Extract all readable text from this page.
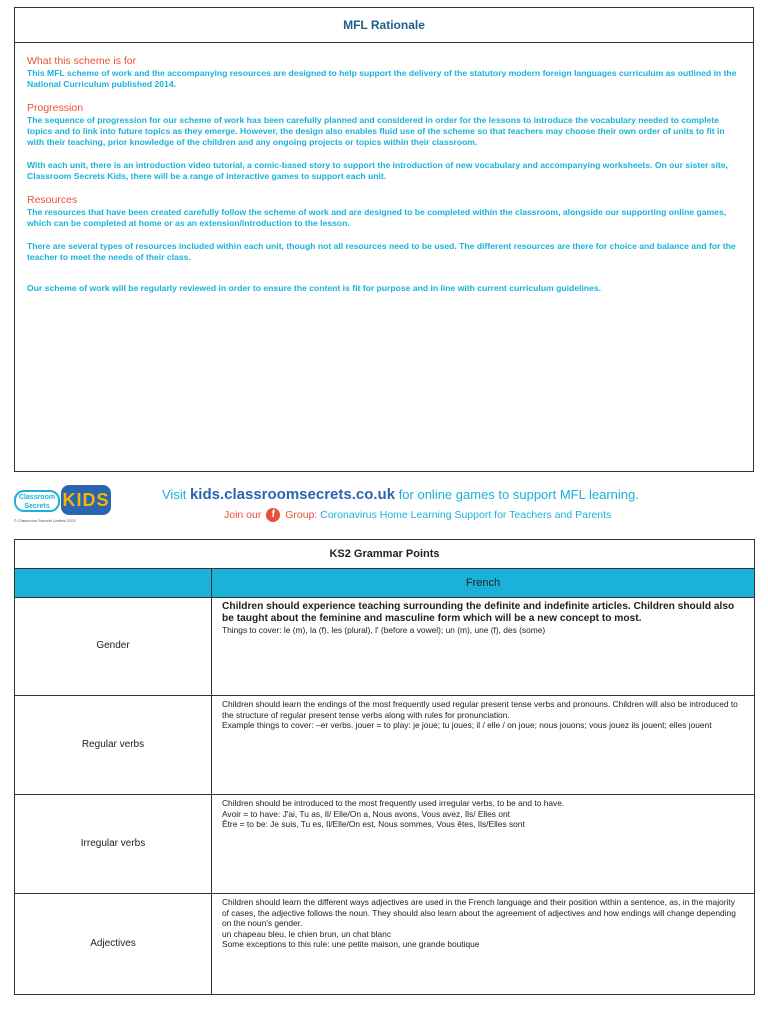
MFL Rationale
What this scheme is for

This MFL scheme of work and the accompanying resources are designed to help support the delivery of the statutory modern foreign languages curriculum as outlined in the National Curriculum published 2014.

Progression

The sequence of progression for our scheme of work has been carefully planned and considered in order for the lessons to introduce the vocabulary needed to complete topics and to link into future topics as they emerge. However, the design also enables fluid use of the scheme so that teachers may choose their own order of units to fit in with their teaching, prior knowledge of the children and any ongoing projects or topics within their classroom.

With each unit, there is an introduction video tutorial, a comic-based story to support the introduction of new vocabulary and accompanying worksheets. On our sister site, Classroom Secrets Kids, there will be a range of interactive games to support each unit.

Resources

The resources that have been created carefully follow the scheme of work and are designed to be completed within the classroom, alongside our supporting online games, which can be completed at home or as an extension/introduction to the lesson.

There are several types of resources included within each unit, though not all resources need to be used. The different resources are there for choice and balance and for the teacher to meet the needs of their class.

Our scheme of work will be regularly reviewed in order to ensure the content is fit for purpose and in line with current curriculum guidelines.

Classroom Secrets KIDS
© Classroom Secrets Limited 2021
Visit kids.classroomsecrets.co.uk for online games to support MFL learning.
Join our f Group: Coronavirus Home Learning Support for Teachers and Parents
KS2 Grammar Points	
	French
Gender	Children should experience teaching surrounding the definite and indefinite articles. Children should also be taught about the feminine and masculine form which will be a new concept to most.
Things to cover: le (m), la (f), les (plural), l' (before a vowel); un (m), une (f), des (some)

Regular verbs	Children should learn the endings of the most frequently used regular present tense verbs and pronouns. Children will also be introduced to the structure of regular present tense verbs along with rules for pronunciation.
Example things to cover: –er verbs. jouer = to play: je joue; tu joues; il / elle / on joue; nous jouons; vous jouez ils jouent; elles jouent

Irregular verbs	Children should be introduced to the most frequently used irregular verbs, to be and to have.
Avoir = to have: J'ai, Tu as, Il/ Elle/On a, Nous avons, Vous avez, Ils/ Elles ont
Être = to be: Je suis, Tu es, Il/Elle/On est, Nous sommes, Vous êtes, Ils/Elles sont

Adjectives	Children should learn the different ways adjectives are used in the French language and their position within a sentence, as, in the majority of cases, the adjective follows the noun. They should also learn about the agreement of adjectives and how endings will change depending on the noun's gender.
un chapeau bleu, le chien brun, un chat blanc
Some exceptions to this rule: une petite maison, une grande boutique
